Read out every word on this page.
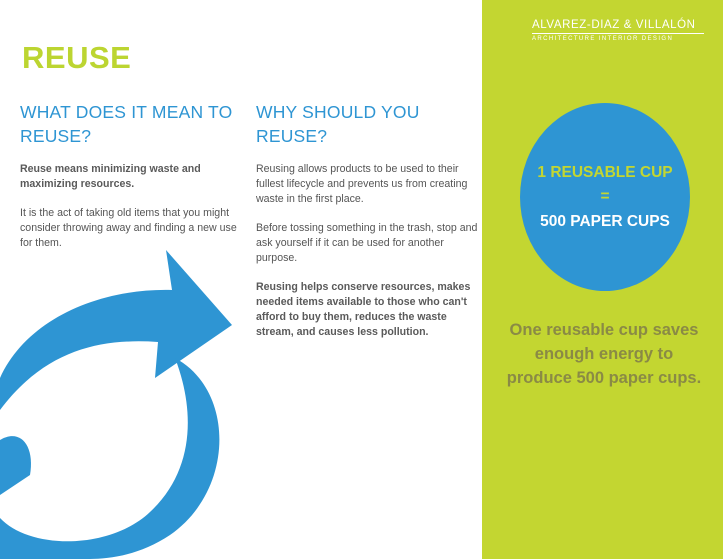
REUSE
WHAT DOES IT MEAN TO REUSE?

Reuse means minimizing waste and maximizing resources.

It is the act of taking old items that you might consider throwing away and finding a new use for them.

WHY SHOULD YOU REUSE?

Reusing allows products to be used to their fullest lifecycle and prevents us from creating waste in the first place.

Before tossing something in the trash, stop and ask yourself if it can be used for another purpose.

Reusing helps conserve resources, makes needed items available to those who can't afford to buy them, reduces the waste stream, and causes less pollution.

ALVAREZ-DIAZ & VILLALÓN
ARCHITECTURE INTERIOR DESIGN
1 REUSABLE CUP
=
500 PAPER CUPS
One reusable cup saves enough energy to produce 500 paper cups.
